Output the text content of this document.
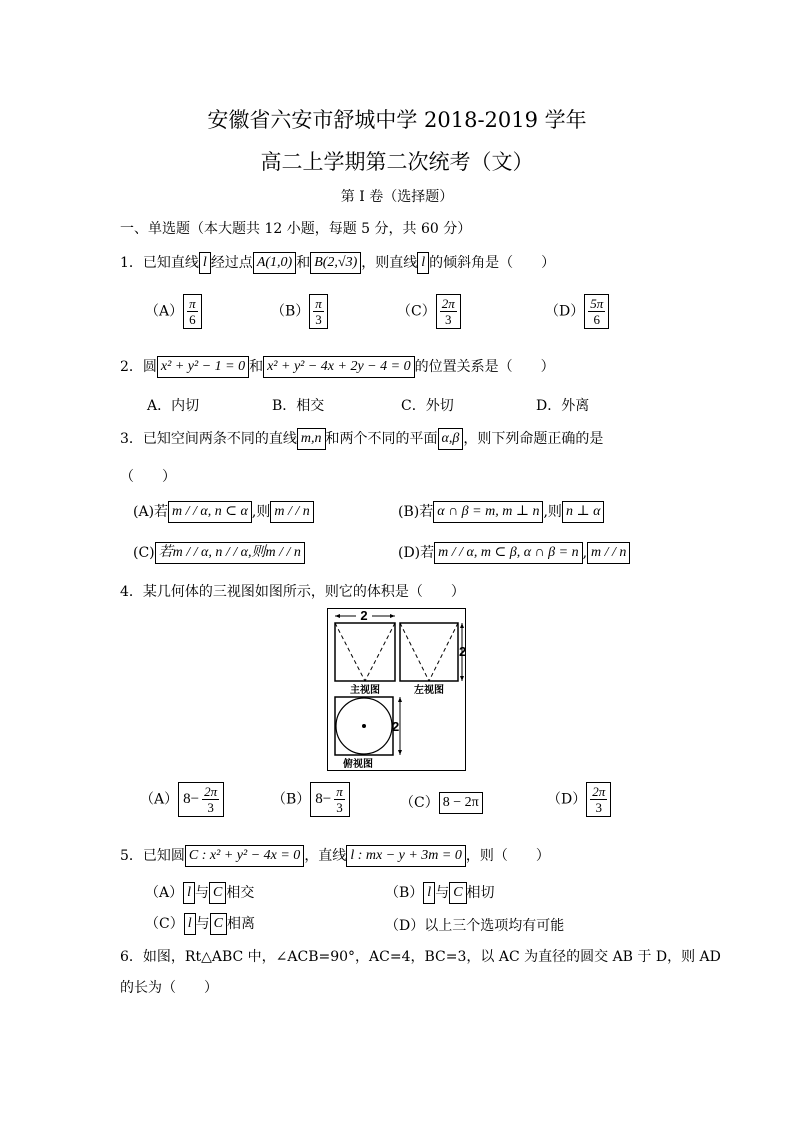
安徽省六安市舒城中学 2018-2019 学年
高二上学期第二次统考（文）
第 I 卷（选择题）
一、单选题（本大题共 12 小题，每题 5 分，共 60 分）
1．已知直线 l 经过点 A(1,0) 和 B(2,√3) ，则直线 l 的倾斜角是（　　）
$(A) \frac{\pi}{6}$	$(B) \frac{\pi}{3}$	$(C) \frac{2\pi}{3}$	$(D) \frac{5\pi}{6}$
2．圆 x² + y² − 1 = 0 和 x² + y² − 4x + 2y − 4 = 0 的位置关系是（　　）
A．内切	B．相交	C．外切	D．外离
3．已知空间两条不同的直线 m,n 和两个不同的平面 α,β ，则下列命题正确的是
（　　）
(A)若 m / / α, n ⊂ α ,则 m / / n	(B)若 α ∩ β = m, m ⊥ n ,则 n ⊥ α
(C) 若m / / α, n / / α,则m / / n	(D)若 m / / α, m ⊂ β, α ∩ β = n , m / / n
4．某几何体的三视图如图所示，则它的体积是（　　）
2
主视图
2
左视图
2
俯视图
（A） $8- \frac{2\pi}{3}$	（B） $8- \frac{\pi}{3}$	（C） 8 − 2π	$(D) \frac{2\pi}{3}$
5．已知圆 C : x² + y² − 4x = 0 ，直线 l : mx − y + 3m = 0 ，则（　　）
（A） l 与 C 相交	（B） l 与 C 相切
（C） l 与 C 相离	（D）以上三个选项均有可能
6．如图，Rt△ABC 中，∠ACB=90°，AC=4，BC=3，以 AC 为直径的圆交 AB 于 D，则 AD
的长为（　　）
